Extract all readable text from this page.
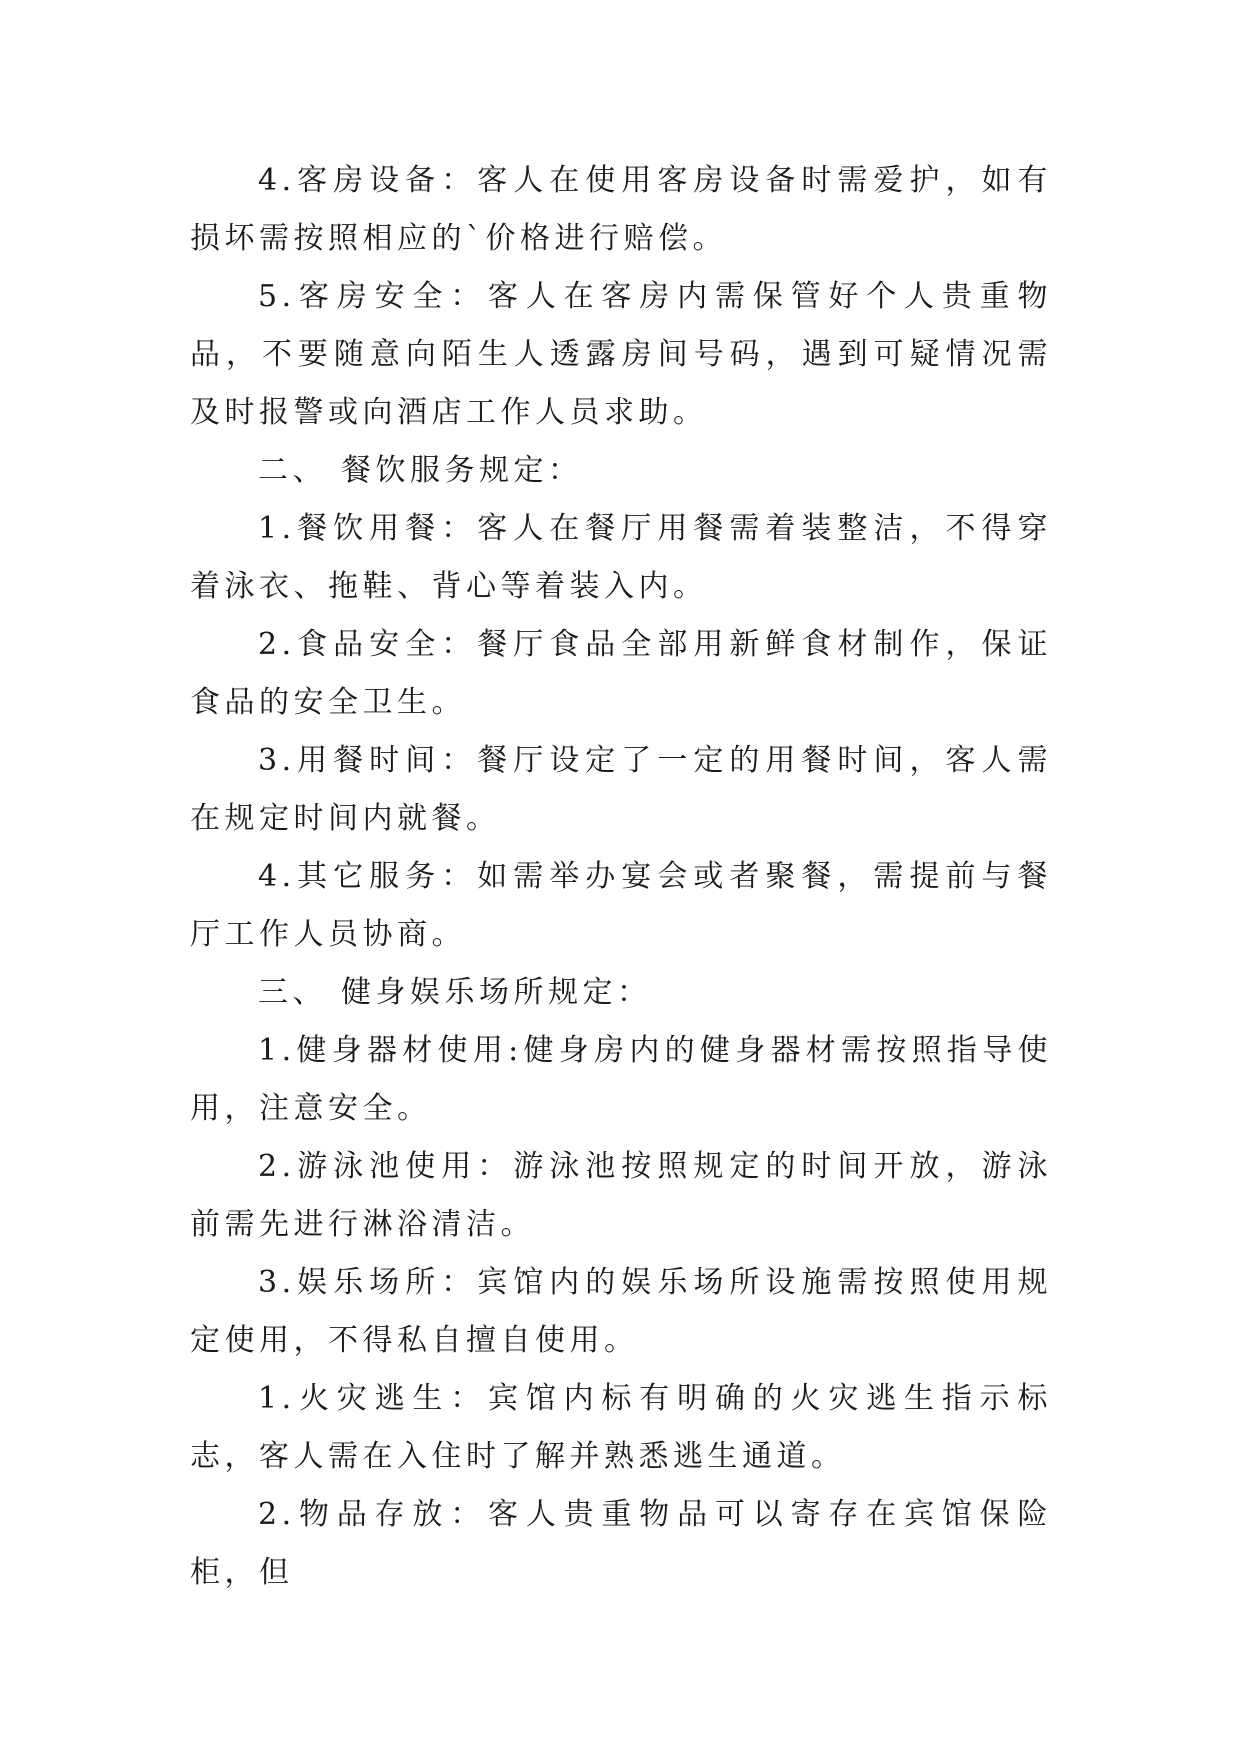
4.客房设备：客人在使用客房设备时需爱护，如有损坏需按照相应的`价格进行赔偿。

5.客房安全：客人在客房内需保管好个人贵重物品，不要随意向陌生人透露房间号码，遇到可疑情况需及时报警或向酒店工作人员求助。

二、 餐饮服务规定：

1.餐饮用餐：客人在餐厅用餐需着装整洁，不得穿着泳衣、拖鞋、背心等着装入内。

2.食品安全：餐厅食品全部用新鲜食材制作，保证食品的安全卫生。

3.用餐时间：餐厅设定了一定的用餐时间，客人需在规定时间内就餐。

4.其它服务：如需举办宴会或者聚餐，需提前与餐厅工作人员协商。

三、 健身娱乐场所规定：

1.健身器材使用:健身房内的健身器材需按照指导使用，注意安全。

2.游泳池使用：游泳池按照规定的时间开放，游泳前需先进行淋浴清洁。

3.娱乐场所：宾馆内的娱乐场所设施需按照使用规定使用，不得私自擅自使用。

1.火灾逃生：宾馆内标有明确的火灾逃生指示标志，客人需在入住时了解并熟悉逃生通道。

2.物品存放：客人贵重物品可以寄存在宾馆保险柜，但
